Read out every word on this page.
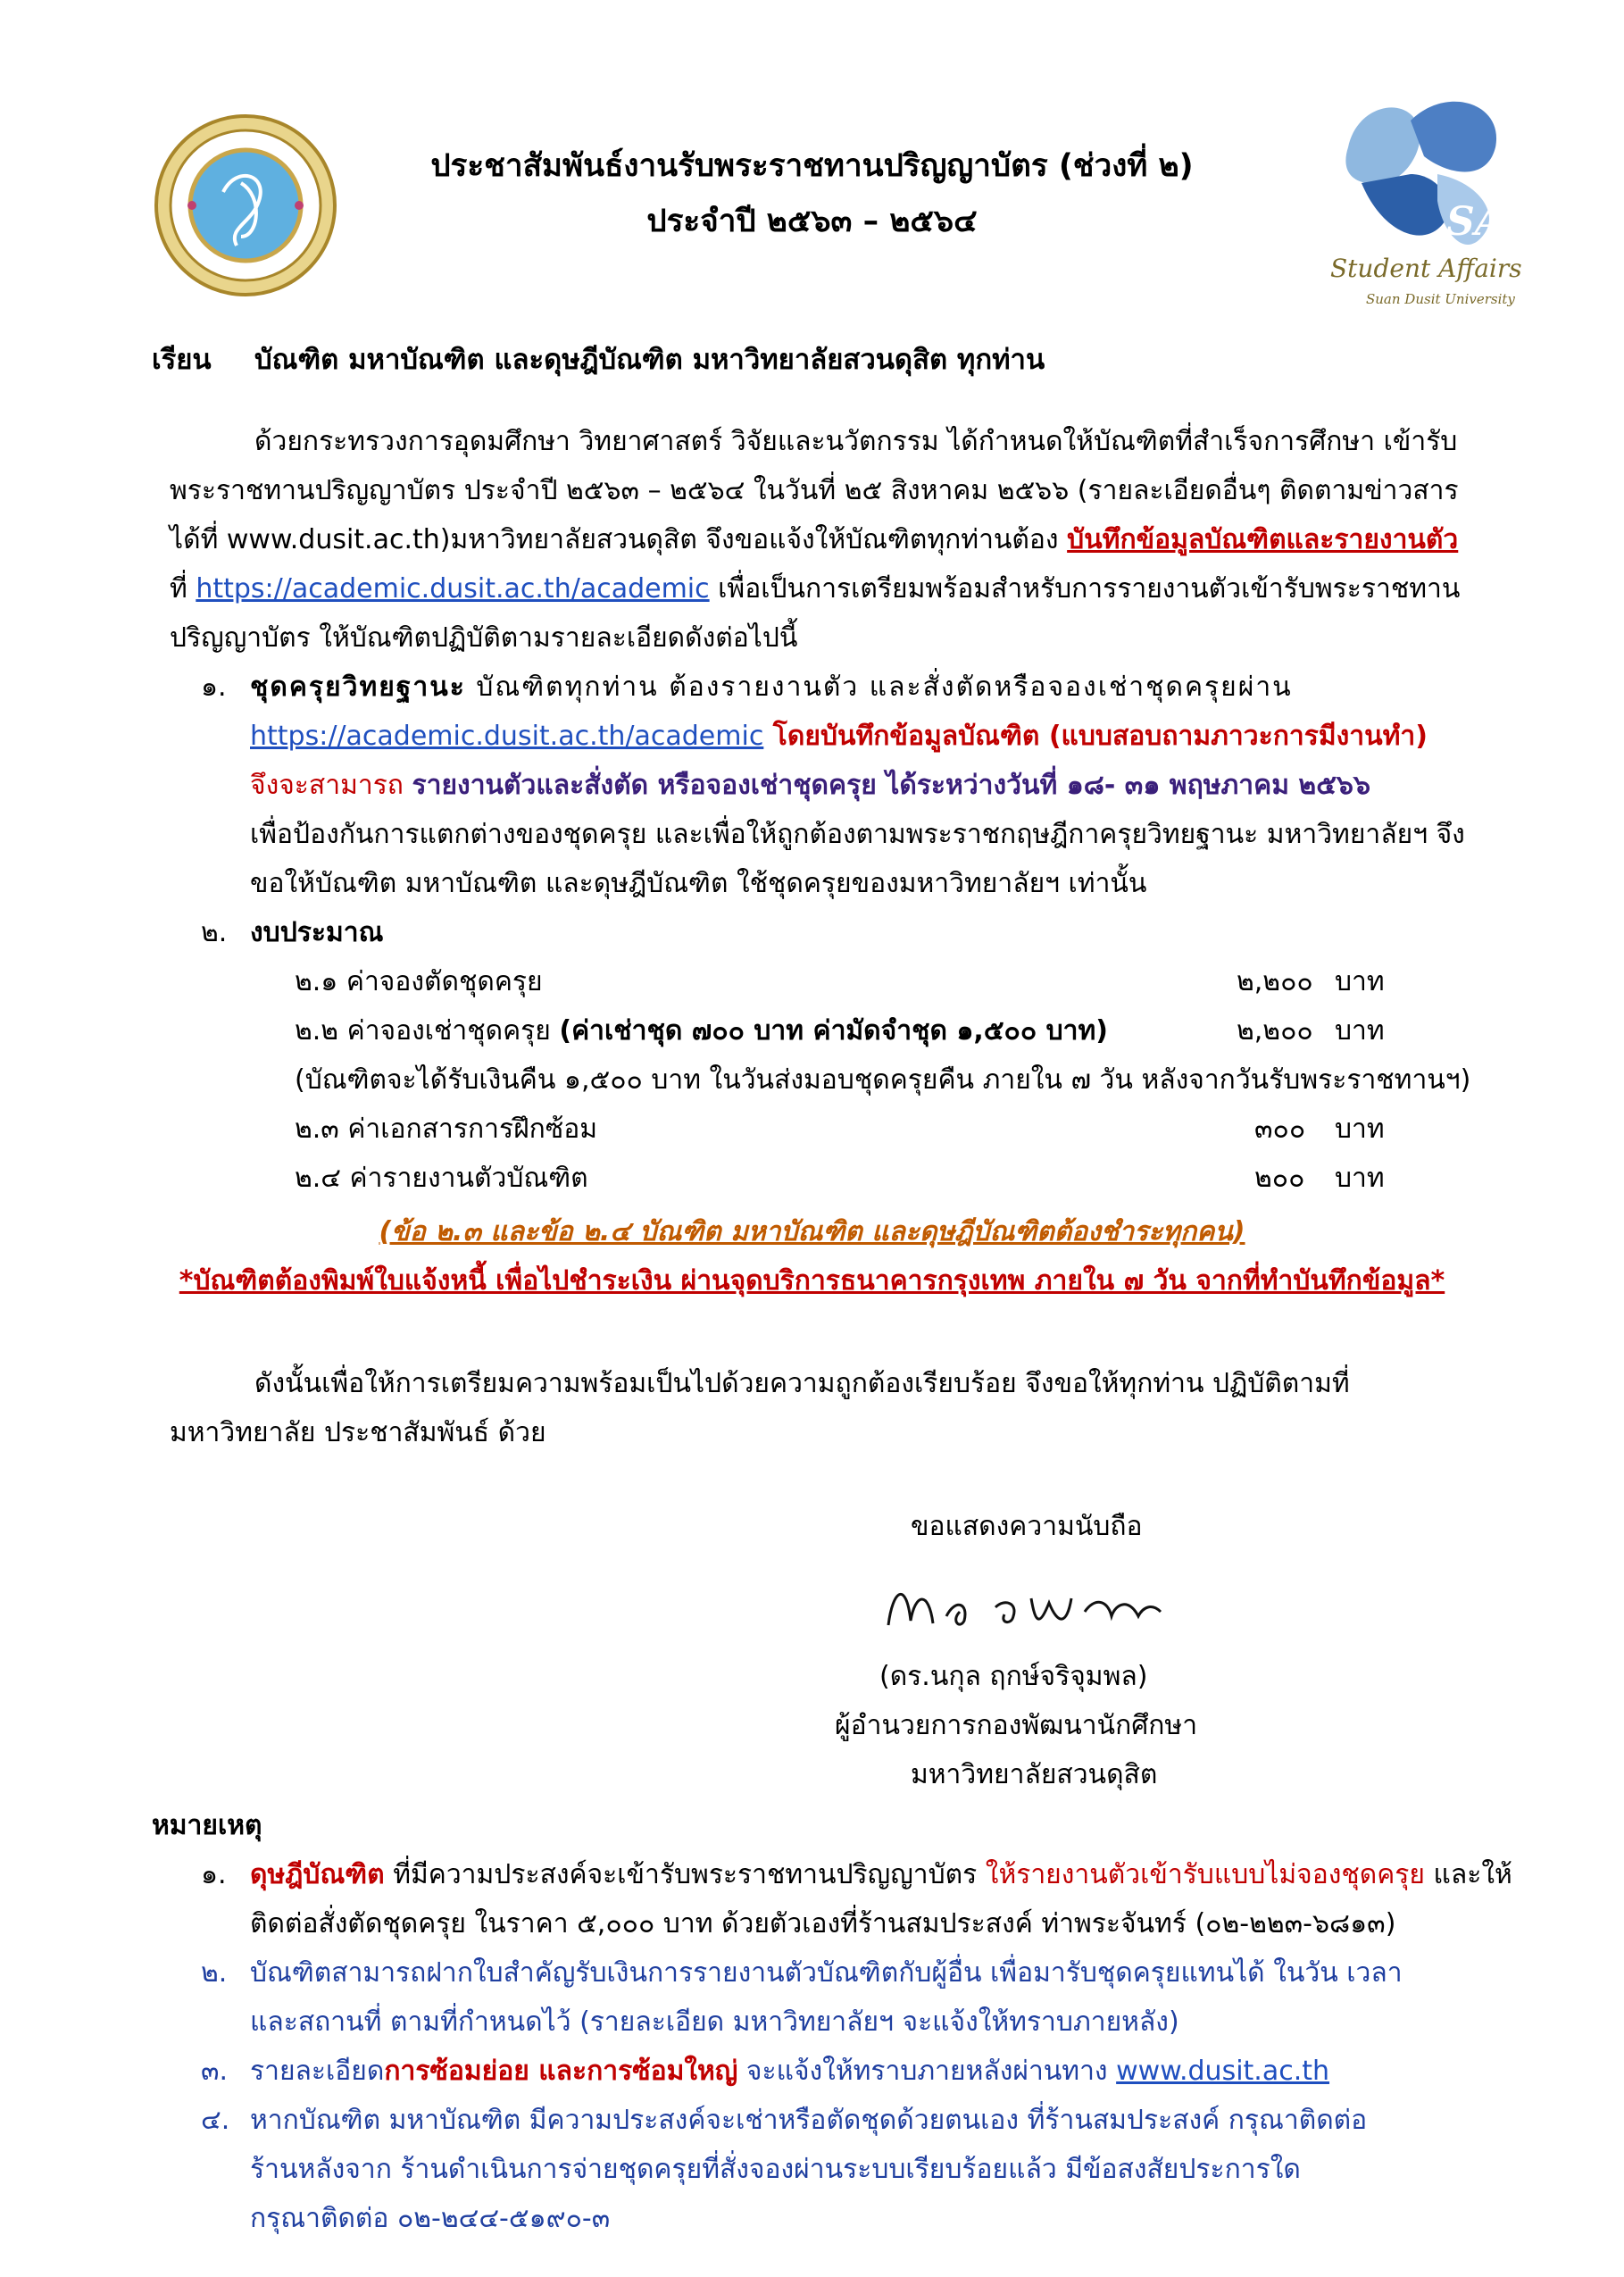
SA
Student Affairs
Suan Dusit University
ประชาสัมพันธ์งานรับพระราชทานปริญญาบัตร (ช่วงที่ ๒)
ประจำปี ๒๕๖๓ – ๒๕๖๔
เรียน บัณฑิต มหาบัณฑิต และดุษฎีบัณฑิต มหาวิทยาลัยสวนดุสิต ทุกท่าน
ด้วยกระทรวงการอุดมศึกษา วิทยาศาสตร์ วิจัยและนวัตกรรม ได้กำหนดให้บัณฑิตที่สำเร็จการศึกษา เข้ารับ
พระราชทานปริญญาบัตร ประจำปี ๒๕๖๓ – ๒๕๖๔ ในวันที่ ๒๕ สิงหาคม ๒๕๖๖ (รายละเอียดอื่นๆ ติดตามข่าวสาร
ได้ที่ www.dusit.ac.th)มหาวิทยาลัยสวนดุสิต จึงขอแจ้งให้บัณฑิตทุกท่านต้อง บันทึกข้อมูลบัณฑิตและรายงานตัว
ที่ https://academic.dusit.ac.th/academic เพื่อเป็นการเตรียมพร้อมสำหรับการรายงานตัวเข้ารับพระราชทาน
ปริญญาบัตร ให้บัณฑิตปฏิบัติตามรายละเอียดดังต่อไปนี้
๑. ชุดครุยวิทยฐานะ บัณฑิตทุกท่าน ต้องรายงานตัว และสั่งตัดหรือจองเช่าชุดครุยผ่าน
https://academic.dusit.ac.th/academic โดยบันทึกข้อมูลบัณฑิต (แบบสอบถามภาวะการมีงานทำ)
จึงจะสามารถ รายงานตัวและสั่งตัด หรือจองเช่าชุดครุย ได้ระหว่างวันที่ ๑๘- ๓๑ พฤษภาคม ๒๕๖๖
เพื่อป้องกันการแตกต่างของชุดครุย และเพื่อให้ถูกต้องตามพระราชกฤษฎีกาครุยวิทยฐานะ มหาวิทยาลัยฯ จึง
ขอให้บัณฑิต มหาบัณฑิต และดุษฎีบัณฑิต ใช้ชุดครุยของมหาวิทยาลัยฯ เท่านั้น
๒. งบประมาณ
๒.๑ ค่าจองตัดชุดครุย	๒,๒๐๐ บาท
๒.๒ ค่าจองเช่าชุดครุย (ค่าเช่าชุด ๗๐๐ บาท ค่ามัดจำชุด ๑,๕๐๐ บาท)	๒,๒๐๐ บาท
(บัณฑิตจะได้รับเงินคืน ๑,๕๐๐ บาท ในวันส่งมอบชุดครุยคืน ภายใน ๗ วัน หลังจากวันรับพระราชทานฯ)
๒.๓ ค่าเอกสารการฝึกซ้อม	๓๐๐ บาท
๒.๔ ค่ารายงานตัวบัณฑิต	๒๐๐ บาท
(ข้อ ๒.๓ และข้อ ๒.๔ บัณฑิต มหาบัณฑิต และดุษฎีบัณฑิตต้องชำระทุกคน)
*บัณฑิตต้องพิมพ์ใบแจ้งหนี้ เพื่อไปชำระเงิน ผ่านจุดบริการธนาคารกรุงเทพ ภายใน ๗ วัน จากที่ทำบันทึกข้อมูล*
ดังนั้นเพื่อให้การเตรียมความพร้อมเป็นไปด้วยความถูกต้องเรียบร้อย จึงขอให้ทุกท่าน ปฏิบัติตามที่
มหาวิทยาลัย ประชาสัมพันธ์ ด้วย
ขอแสดงความนับถือ
(ดร.นกุล ฤกษ์จริจุมพล)
ผู้อำนวยการกองพัฒนานักศึกษา
มหาวิทยาลัยสวนดุสิต
หมายเหตุ
๑. ดุษฎีบัณฑิต ที่มีความประสงค์จะเข้ารับพระราชทานปริญญาบัตร ให้รายงานตัวเข้ารับแบบไม่จองชุดครุย และให้
ติดต่อสั่งตัดชุดครุย ในราคา ๕,๐๐๐ บาท ด้วยตัวเองที่ร้านสมประสงค์ ท่าพระจันทร์ (๐๒-๒๒๓-๖๘๑๓)
๒. บัณฑิตสามารถฝากใบสำคัญรับเงินการรายงานตัวบัณฑิตกับผู้อื่น เพื่อมารับชุดครุยแทนได้ ในวัน เวลา
และสถานที่ ตามที่กำหนดไว้ (รายละเอียด มหาวิทยาลัยฯ จะแจ้งให้ทราบภายหลัง)
๓. รายละเอียดการซ้อมย่อย และการซ้อมใหญ่ จะแจ้งให้ทราบภายหลังผ่านทาง www.dusit.ac.th
๔. หากบัณฑิต มหาบัณฑิต มีความประสงค์จะเช่าหรือตัดชุดด้วยตนเอง ที่ร้านสมประสงค์ กรุณาติดต่อ
ร้านหลังจาก ร้านดำเนินการจ่ายชุดครุยที่สั่งจองผ่านระบบเรียบร้อยแล้ว มีข้อสงสัยประการใด
กรุณาติดต่อ ๐๒-๒๔๔-๕๑๙๐-๓
